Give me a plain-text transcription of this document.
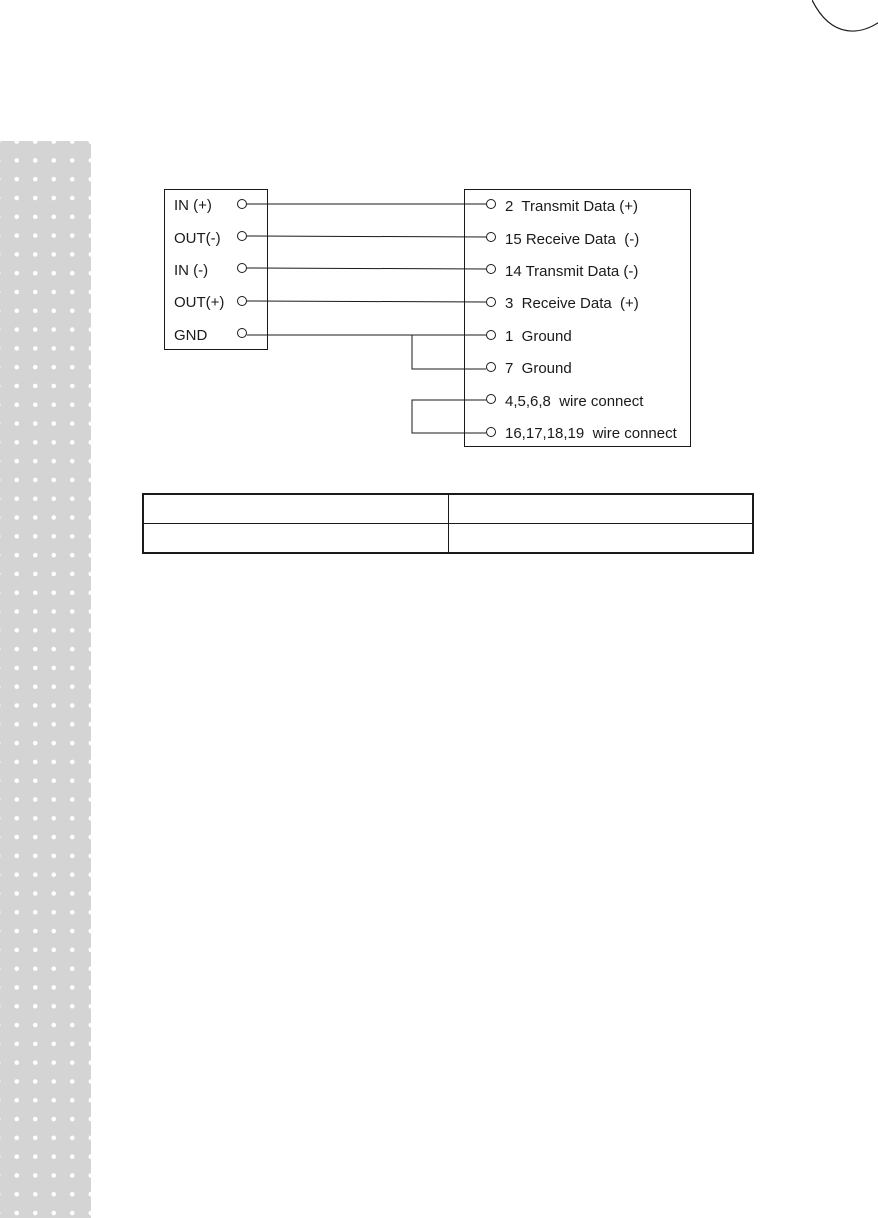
IN (+)
OUT(-)
IN (-)
OUT(+)
GND
2  Transmit Data (+)
15 Receive Data  (-)
14 Transmit Data (-)
3  Receive Data  (+)
1  Ground
7  Ground
4,5,6,8  wire connect
16,17,18,19  wire connect
